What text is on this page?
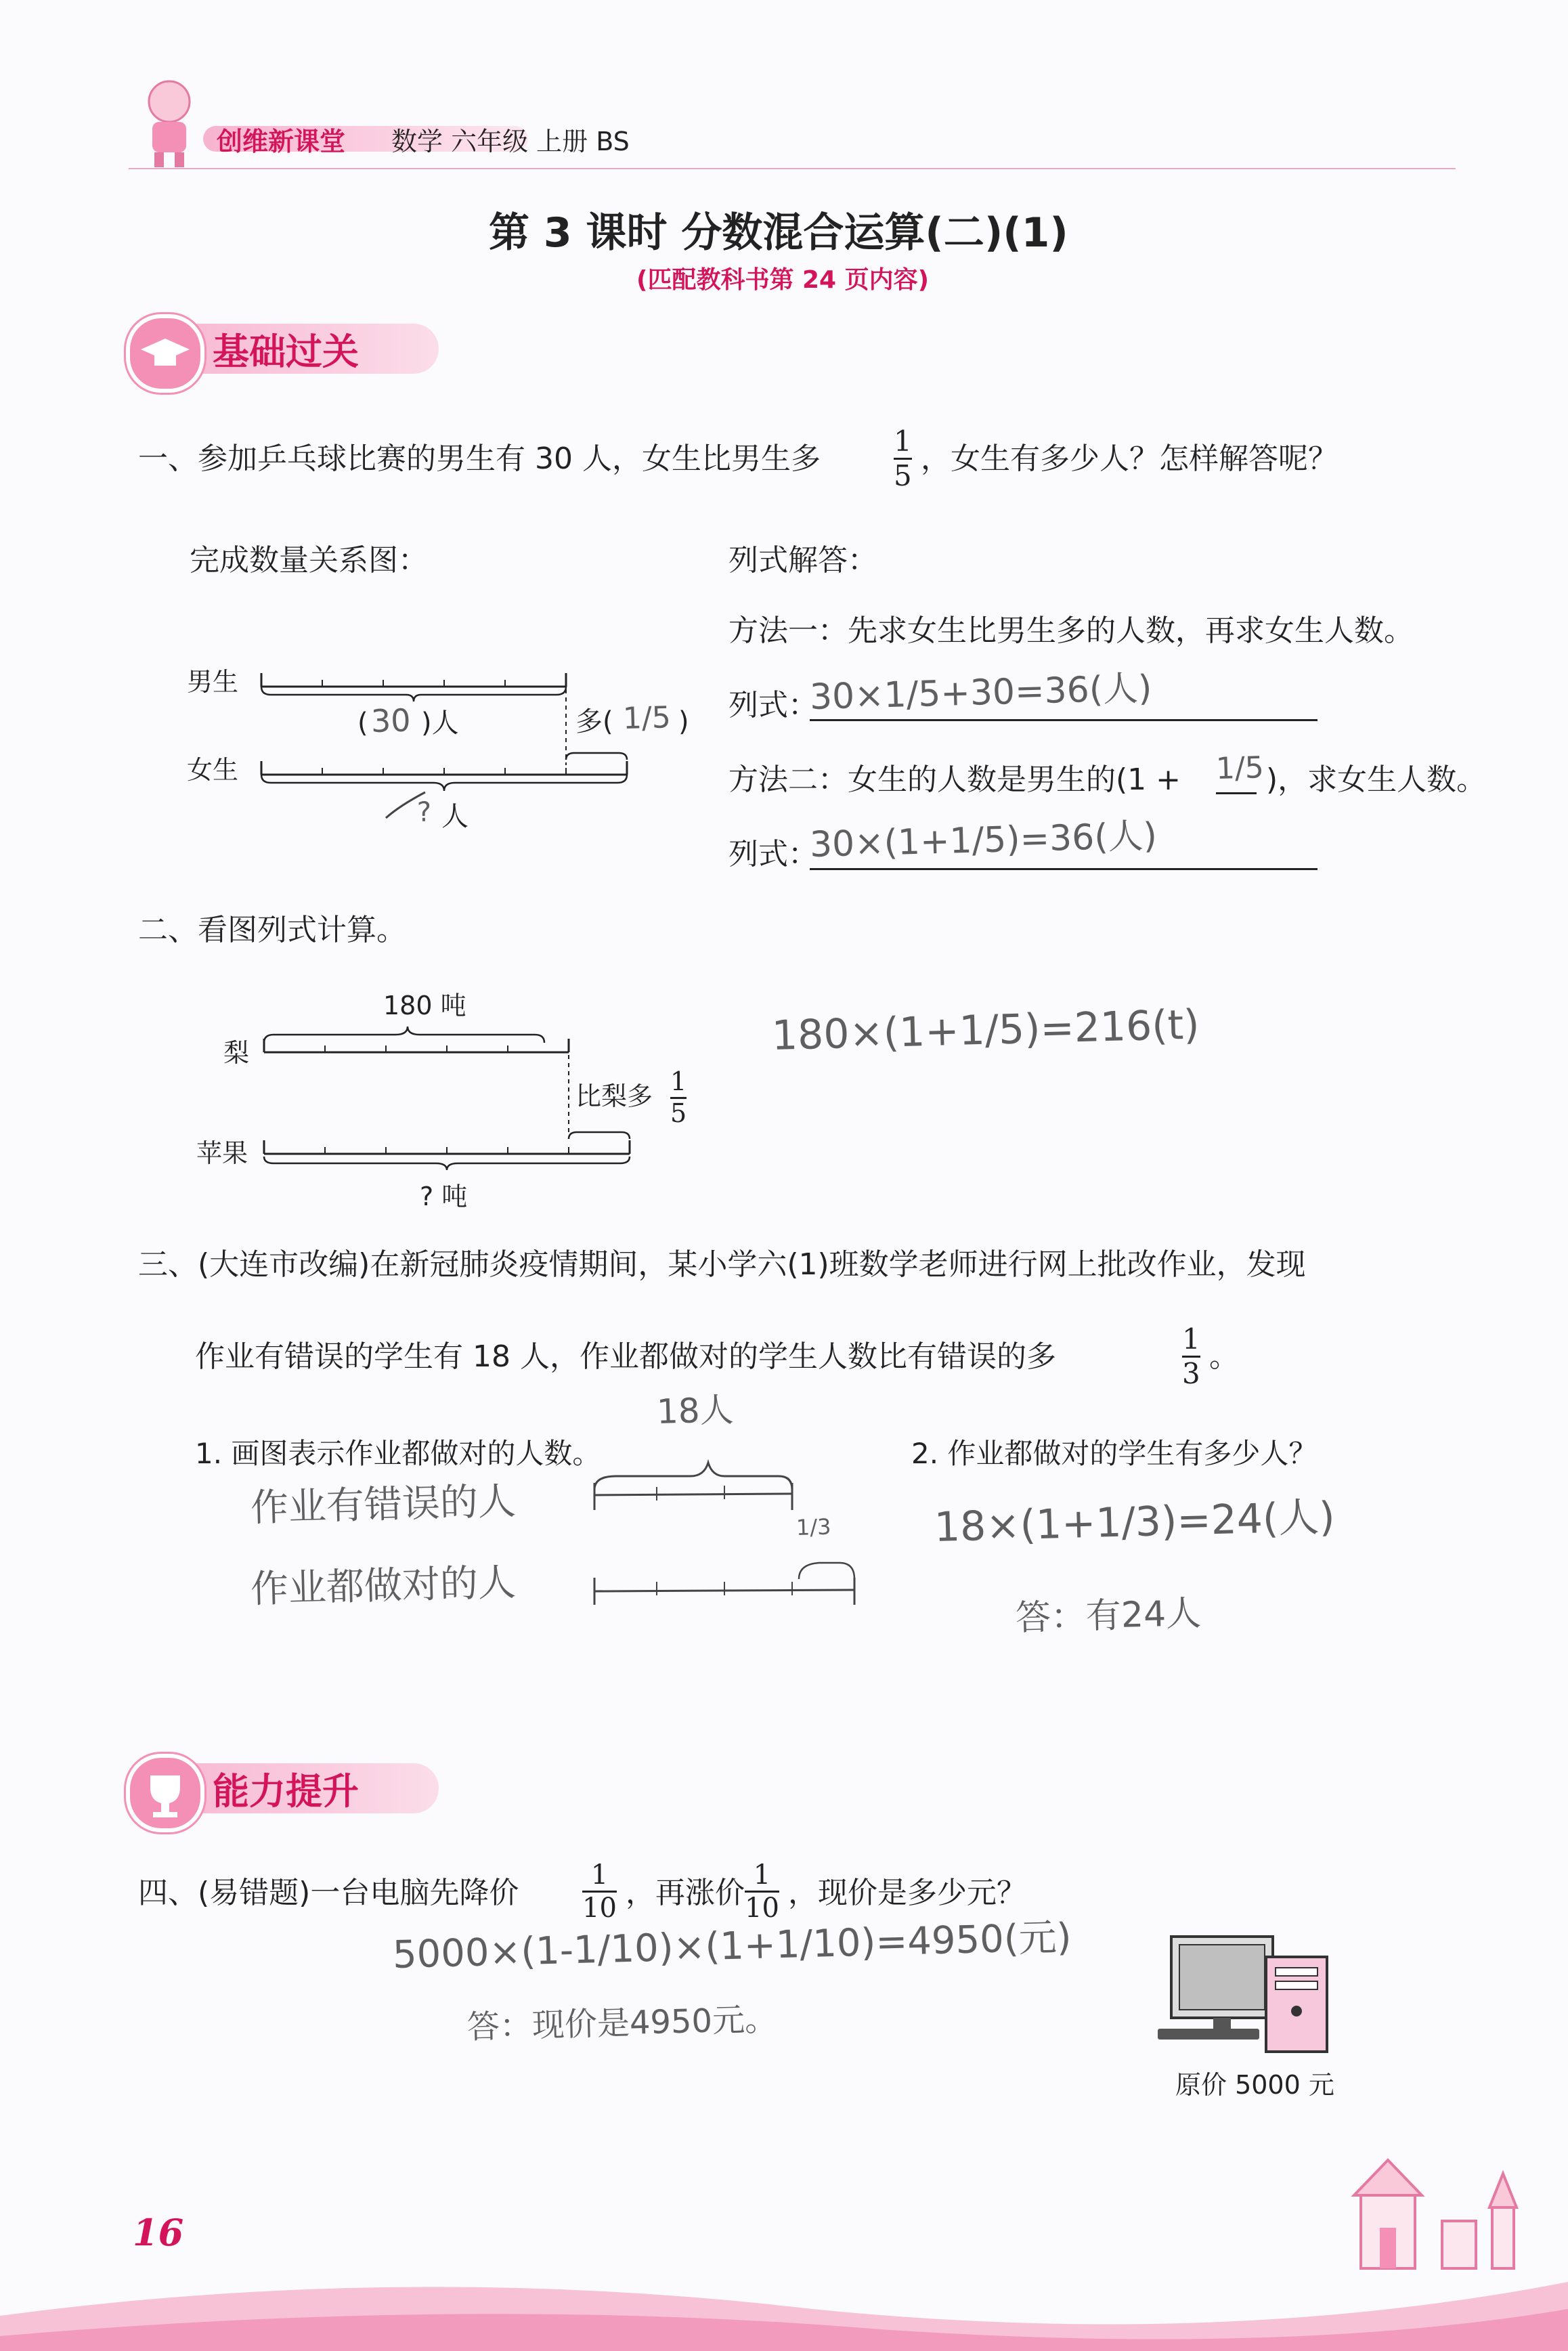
创维新课堂 数学 六年级 上册 BS
第 3 课时 分数混合运算(二)(1)
(匹配教科书第 24 页内容)
基础过关
一、参加乒乓球比赛的男生有 30 人，女生比男生多
1
5 ，女生有多少人？怎样解答呢？
完成数量关系图：	列式解答：
男生
女生
( 30 )人	多( 1/5 )
? 人
方法一：先求女生比男生多的人数，再求女生人数。
列式：
30×1/5+30=36(人)
方法二：女生的人数是男生的(1 + 1/5 )，求女生人数。
列式：
30×(1+1/5)=36(人)
二、看图列式计算。
180 吨
梨
苹果
比梨多 1
5
? 吨
180×(1+1/5)=216(t)
三、(大连市改编)在新冠肺炎疫情期间，某小学六(1)班数学老师进行网上批改作业，发现
作业有错误的学生有 18 人，作业都做对的学生人数比有错误的多
1
3 。
1. 画图表示作业都做对的人数。	2. 作业都做对的学生有多少人？
18人
作业有错误的人
作业都做对的人
1/3	18×(1+1/3)=24(人)
答：有24人
能力提升
四、(易错题)一台电脑先降价
1
10 ，再涨价
1
10 ，现价是多少元？
5000×(1-1/10)×(1+1/10)=4950(元)
答：现价是4950元。
原价 5000 元
16
